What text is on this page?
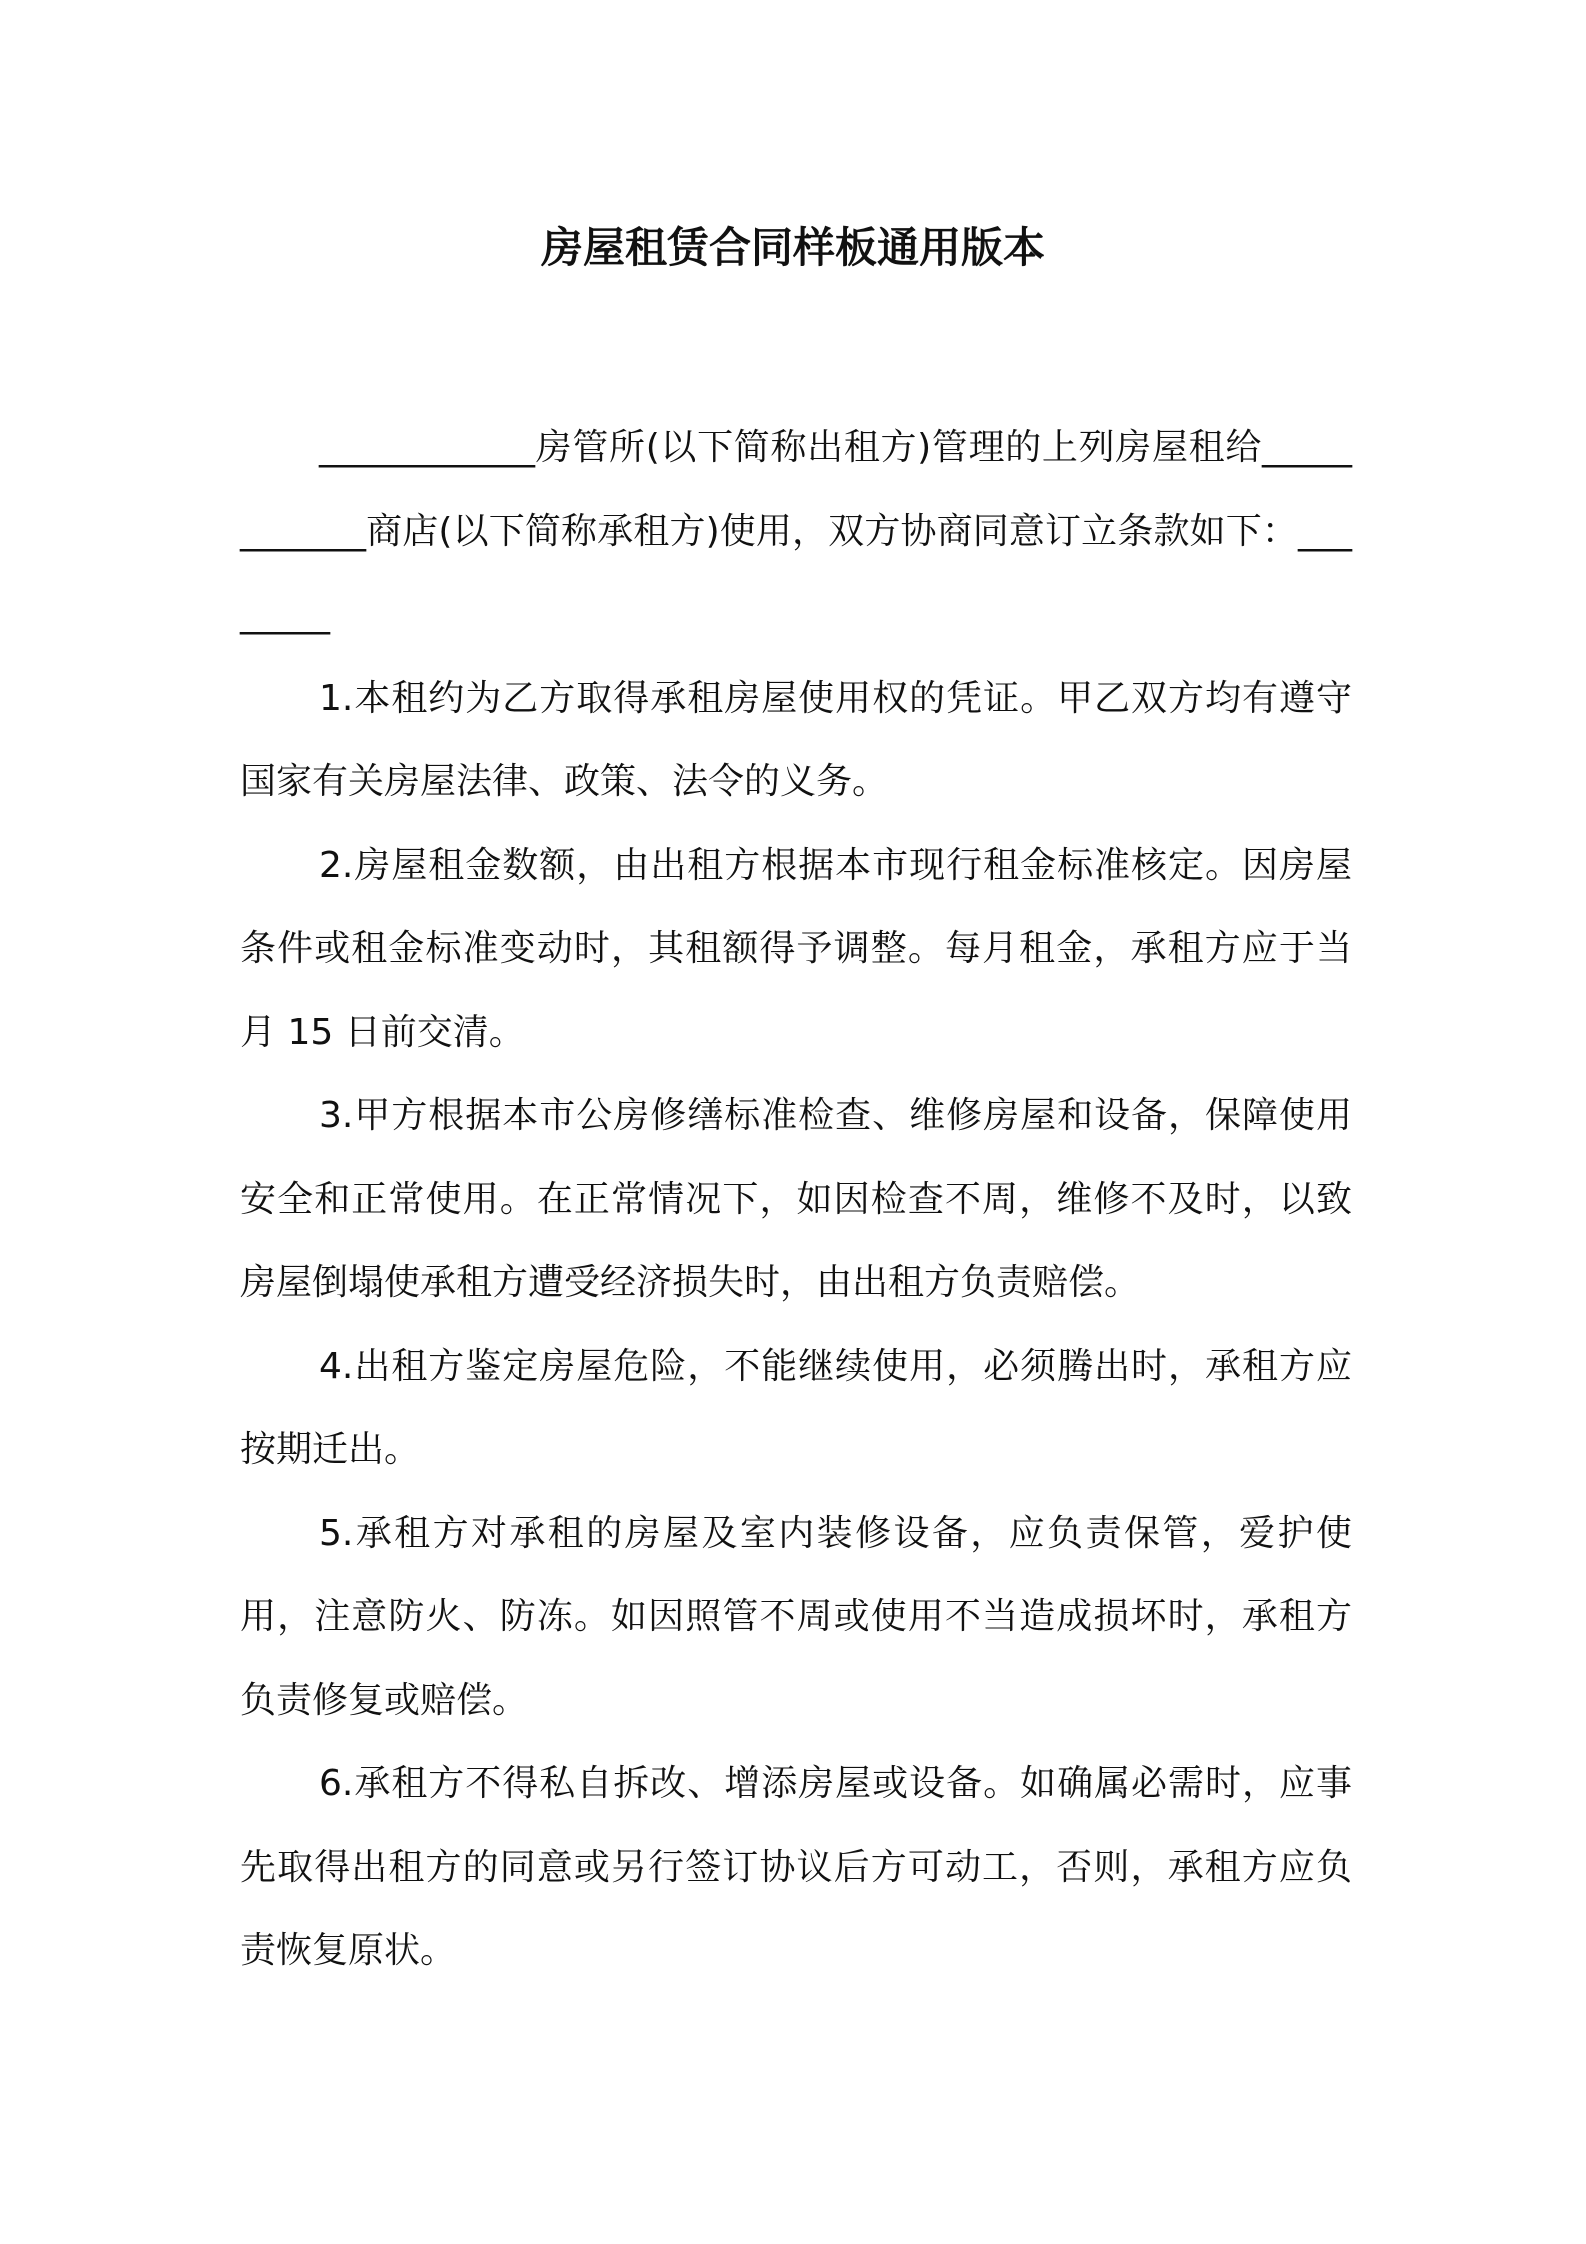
房屋租赁合同样板通用版本

____________房管所(以下简称出租方)管理的上列房屋租给____________商店(以下简称承租方)使用，双方协商同意订立条款如下：________

1.本租约为乙方取得承租房屋使用权的凭证。甲乙双方均有遵守国家有关房屋法律、政策、法令的义务。

2.房屋租金数额，由出租方根据本市现行租金标准核定。因房屋条件或租金标准变动时，其租额得予调整。每月租金，承租方应于当月 15 日前交清。

3.甲方根据本市公房修缮标准检查、维修房屋和设备，保障使用安全和正常使用。在正常情况下，如因检查不周，维修不及时，以致房屋倒塌使承租方遭受经济损失时，由出租方负责赔偿。

4.出租方鉴定房屋危险，不能继续使用，必须腾出时，承租方应按期迁出。

5.承租方对承租的房屋及室内装修设备，应负责保管，爱护使用，注意防火、防冻。如因照管不周或使用不当造成损坏时，承租方负责修复或赔偿。

6.承租方不得私自拆改、增添房屋或设备。如确属必需时，应事先取得出租方的同意或另行签订协议后方可动工，否则，承租方应负责恢复原状。
